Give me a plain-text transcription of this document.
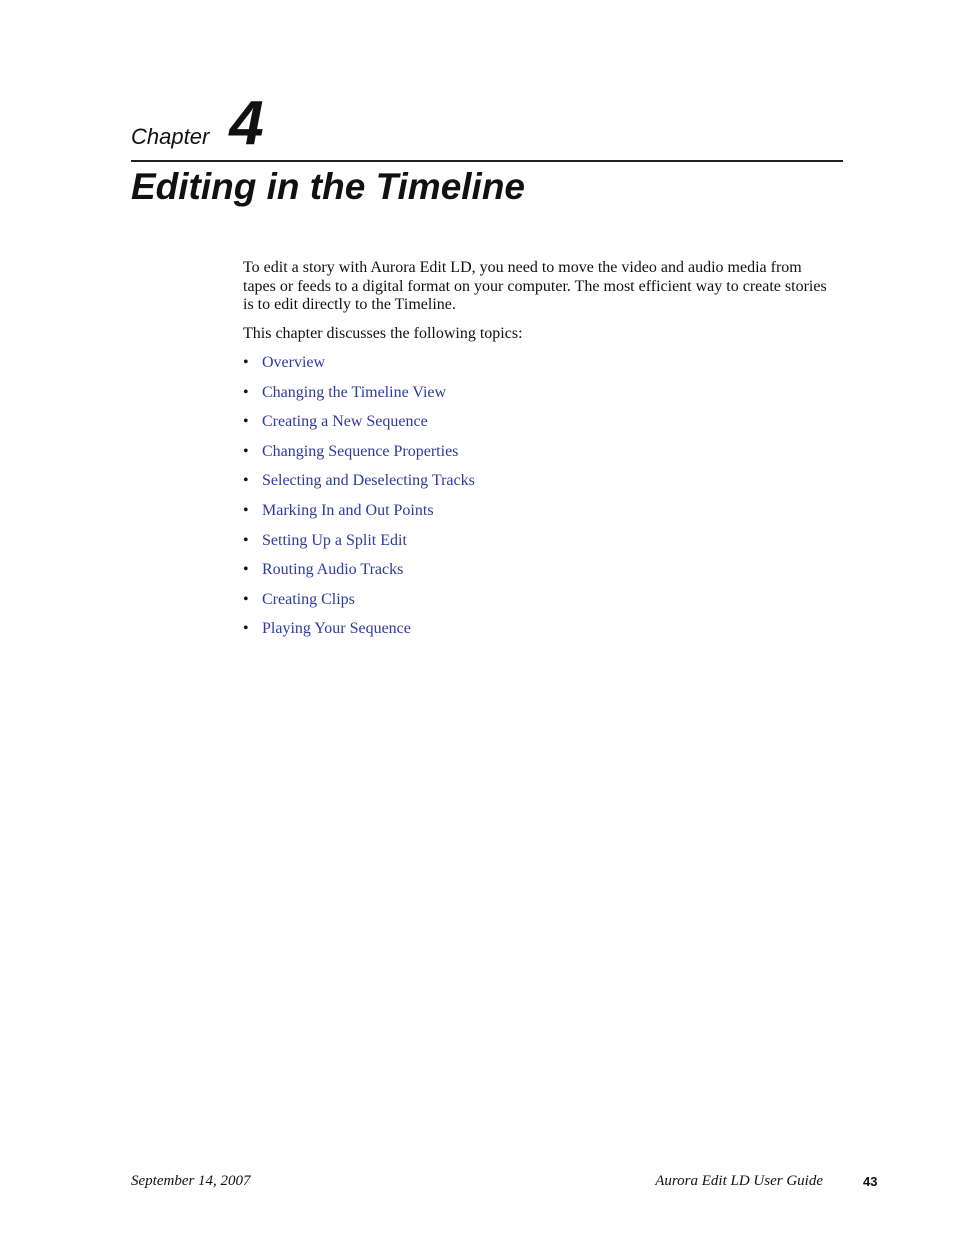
Chapter 4
Editing in the Timeline

To edit a story with Aurora Edit LD, you need to move the video and audio media from tapes or feeds to a digital format on your computer. The most efficient way to create stories is to edit directly to the Timeline.

This chapter discusses the following topics:

• Overview
• Changing the Timeline View
• Creating a New Sequence
• Changing Sequence Properties
• Selecting and Deselecting Tracks
• Marking In and Out Points
• Setting Up a Split Edit
• Routing Audio Tracks
• Creating Clips
• Playing Your Sequence
September 14, 2007	Aurora Edit LD User Guide	43
